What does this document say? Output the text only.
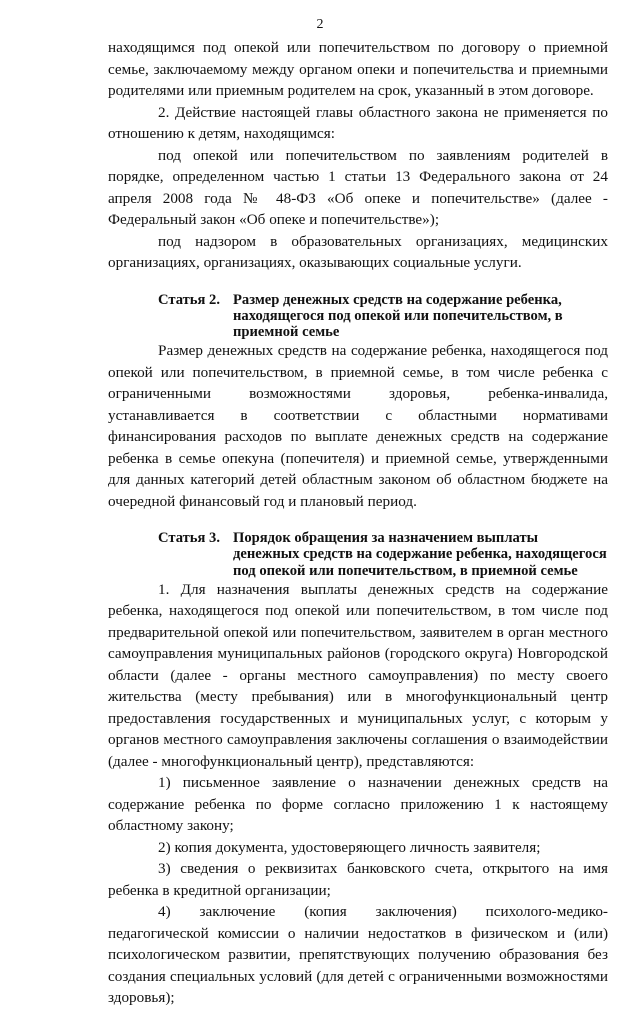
2

находящимся под опекой или попечительством по договору о приемной семье, заключаемому между органом опеки и попечительства и приемными родителями или приемным родителем на срок, указанный в этом договоре.

2. Действие настоящей главы областного закона не применяется по отношению к детям, находящимся:

под опекой или попечительством по заявлениям родителей в порядке, определенном частью 1 статьи 13 Федерального закона от 24 апреля 2008 года № 48-ФЗ «Об опеке и попечительстве» (далее - Федеральный закон «Об опеке и попечительстве»);

под надзором в образовательных организациях, медицинских организациях, организациях, оказывающих социальные услуги.

Статья 2. Размер денежных средств на содержание ребенка, находящегося под опекой или попечительством, в приемной семье

Размер денежных средств на содержание ребенка, находящегося под опекой или попечительством, в приемной семье, в том числе ребенка с ограниченными возможностями здоровья, ребенка-инвалида, устанавливается в соответствии с областными нормативами финансирования расходов по выплате денежных средств на содержание ребенка в семье опекуна (попечителя) и приемной семье, утвержденными для данных категорий детей областным законом об областном бюджете на очередной финансовый год и плановый период.

Статья 3. Порядок обращения за назначением выплаты денежных средств на содержание ребенка, находящегося под опекой или попечительством, в приемной семье

1. Для назначения выплаты денежных средств на содержание ребенка, находящегося под опекой или попечительством, в том числе под предварительной опекой или попечительством, заявителем в орган местного самоуправления муниципальных районов (городского округа) Новгородской области (далее - органы местного самоуправления) по месту своего жительства (месту пребывания) или в многофункциональный центр предоставления государственных и муниципальных услуг, с которым у органов местного самоуправления заключены соглашения о взаимодействии (далее - многофункциональный центр), представляются:

1) письменное заявление о назначении денежных средств на содержание ребенка по форме согласно приложению 1 к настоящему областному закону;

2) копия документа, удостоверяющего личность заявителя;

3) сведения о реквизитах банковского счета, открытого на имя ребенка в кредитной организации;

4) заключение (копия заключения) психолого-медико-педагогической комиссии о наличии недостатков в физическом и (или) психологическом развитии, препятствующих получению образования без создания специальных условий (для детей с ограниченными возможностями здоровья);
